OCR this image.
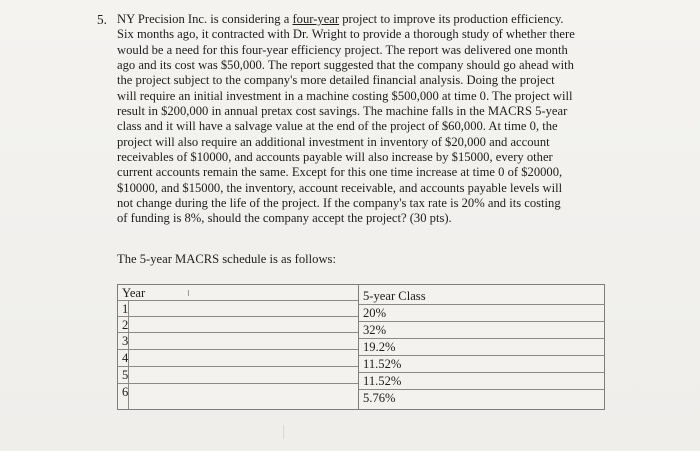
5. NY Precision Inc. is considering a four-year project to improve its production efficiency.

Six months ago, it contracted with Dr. Wright to provide a thorough study of whether there

would be a need for this four-year efficiency project. The report was delivered one month

ago and its cost was $50,000. The report suggested that the company should go ahead with

the project subject to the company's more detailed financial analysis. Doing the project

will require an initial investment in a machine costing $500,000 at time 0. The project will

result in $200,000 in annual pretax cost savings. The machine falls in the MACRS 5-year

class and it will have a salvage value at the end of the project of $60,000. At time 0, the

project will also require an additional investment in inventory of $20,000 and account

receivables of $10000, and accounts payable will also increase by $15000, every other

current accounts remain the same. Except for this one time increase at time 0 of $20000,

$10000, and $15000, the inventory, account receivable, and accounts payable levels will

not change during the life of the project. If the company's tax rate is 20% and its costing

of funding is 8%, should the company accept the project? (30 pts).

The 5-year MACRS schedule is as follows:
Year
1
2
3
4
5
6
5-year Class
20%
32%
19.2%
11.52%
11.52%
5.76%
